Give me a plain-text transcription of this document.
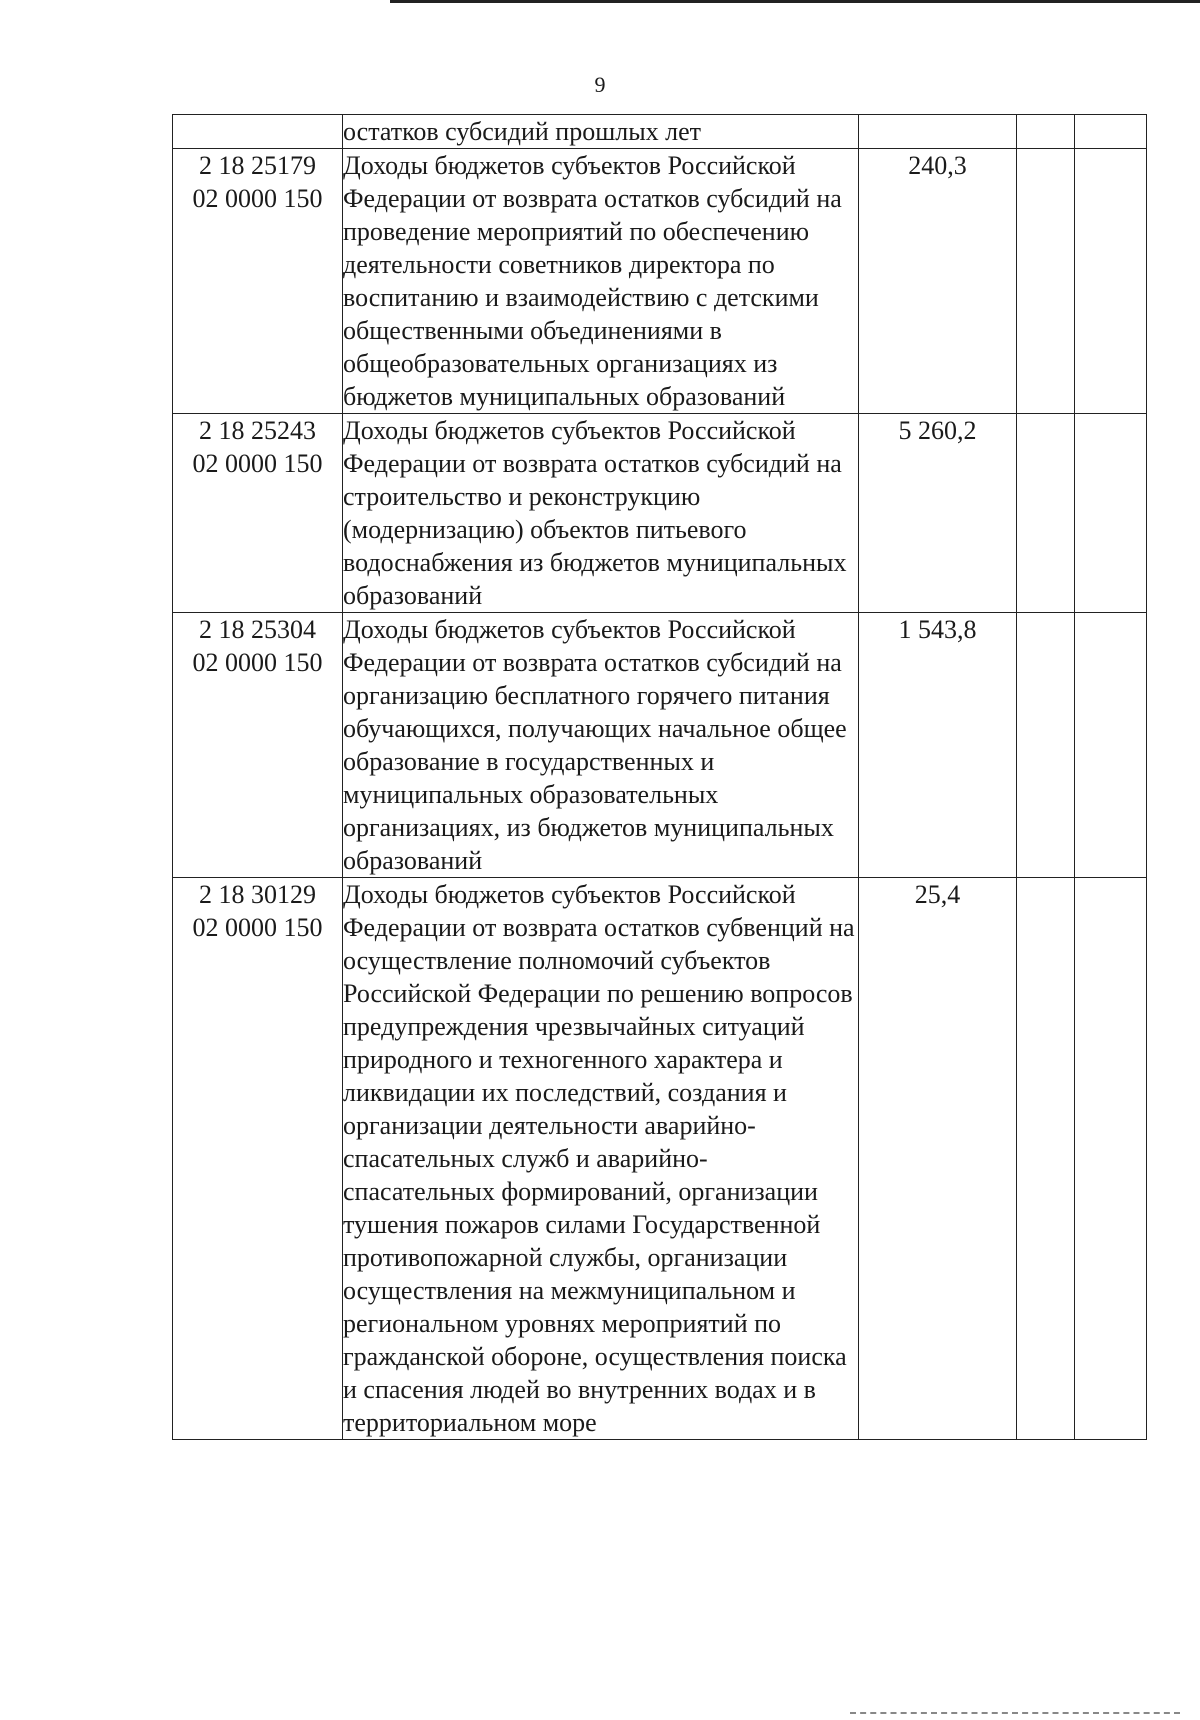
9
	остатков субсидий прошлых лет			

2 18 25179
02 0000 150	Доходы бюджетов субъектов Российской Федерации от возврата остатков субсидий на проведение мероприятий по обеспечению деятельности советников директора по воспитанию и взаимодействию с детскими общественными объединениями в общеобразовательных организациях из бюджетов муниципальных образований	240,3		

2 18 25243
02 0000 150	Доходы бюджетов субъектов Российской Федерации от возврата остатков субсидий на строительство и реконструкцию (модернизацию) объектов питьевого водоснабжения из бюджетов муниципальных образований	5 260,2		

2 18 25304
02 0000 150	Доходы бюджетов субъектов Российской Федерации от возврата остатков субсидий на организацию бесплатного горячего питания обучающихся, получающих начальное общее образование в государственных и муниципальных образовательных организациях, из бюджетов муниципальных образований	1 543,8		

2 18 30129
02 0000 150	Доходы бюджетов субъектов Российской Федерации от возврата остатков субвенций на осуществление полномочий субъектов Российской Федерации по решению вопросов предупреждения чрезвычайных ситуаций природного и техногенного характера и ликвидации их последствий, создания и организации деятельности аварийно-спасательных служб и аварийно-спасательных формирований, организации тушения пожаров силами Государственной противопожарной службы, организации осуществления на межмуниципальном и региональном уровнях мероприятий по гражданской обороне, осуществления поиска и спасения людей во внутренних водах и в территориальном море	25,4		
